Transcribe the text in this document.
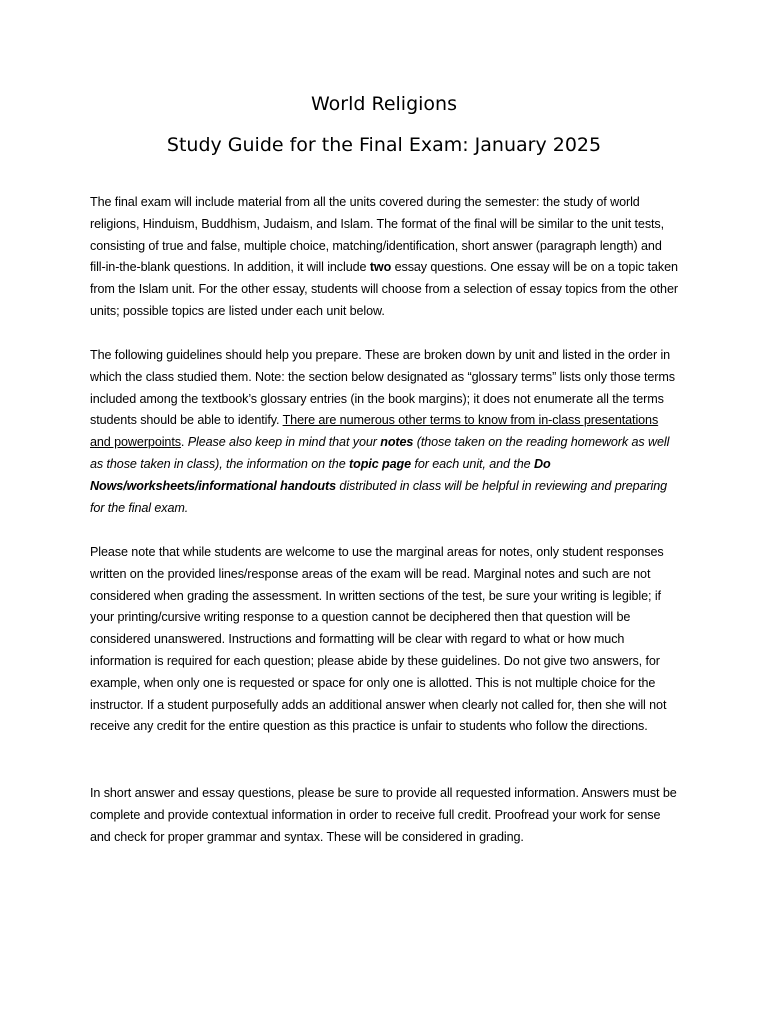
World Religions
Study Guide for the Final Exam: January 2025

The final exam will include material from all the units covered during the semester: the study of world religions, Hinduism, Buddhism, Judaism, and Islam. The format of the final will be similar to the unit tests, consisting of true and false, multiple choice, matching/identification, short answer (paragraph length) and fill-in-the-blank questions. In addition, it will include two essay questions. One essay will be on a topic taken from the Islam unit. For the other essay, students will choose from a selection of essay topics from the other units; possible topics are listed under each unit below.

The following guidelines should help you prepare. These are broken down by unit and listed in the order in which the class studied them. Note: the section below designated as “glossary terms” lists only those terms included among the textbook’s glossary entries (in the book margins); it does not enumerate all the terms students should be able to identify. There are numerous other terms to know from in-class presentations and powerpoints. Please also keep in mind that your notes (those taken on the reading homework as well as those taken in class), the information on the topic page for each unit, and the Do Nows/worksheets/informational handouts distributed in class will be helpful in reviewing and preparing for the final exam.

Please note that while students are welcome to use the marginal areas for notes, only student responses written on the provided lines/response areas of the exam will be read. Marginal notes and such are not considered when grading the assessment. In written sections of the test, be sure your writing is legible; if your printing/cursive writing response to a question cannot be deciphered then that question will be considered unanswered. Instructions and formatting will be clear with regard to what or how much information is required for each question; please abide by these guidelines. Do not give two answers, for example, when only one is requested or space for only one is allotted. This is not multiple choice for the instructor. If a student purposefully adds an additional answer when clearly not called for, then she will not receive any credit for the entire question as this practice is unfair to students who follow the directions.

In short answer and essay questions, please be sure to provide all requested information. Answers must be complete and provide contextual information in order to receive full credit. Proofread your work for sense and check for proper grammar and syntax. These will be considered in grading.
